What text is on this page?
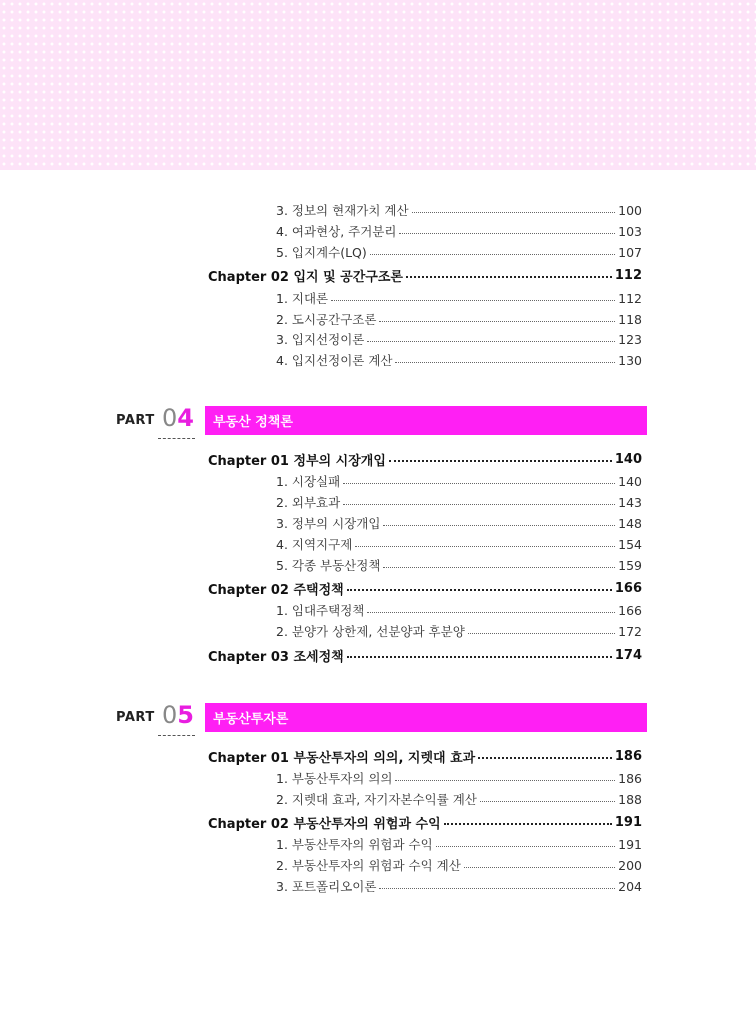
3. 정보의 현재가치 계산	100
4. 여과현상, 주거분리	103
5. 입지계수(LQ)	107
Chapter 02 입지 및 공간구조론	112
1. 지대론	112
2. 도시공간구조론	118
3. 입지선정이론	123
4. 입지선정이론 계산	130
PART 04	부동산 정책론
Chapter 01 정부의 시장개입	140
1. 시장실패	140
2. 외부효과	143
3. 정부의 시장개입	148
4. 지역지구제	154
5. 각종 부동산정책	159
Chapter 02 주택정책	166
1. 임대주택정책	166
2. 분양가 상한제, 선분양과 후분양	172
Chapter 03 조세정책	174
PART 05	부동산투자론
Chapter 01 부동산투자의 의의, 지렛대 효과	186
1. 부동산투자의 의의	186
2. 지렛대 효과, 자기자본수익률 계산	188
Chapter 02 부동산투자의 위험과 수익	191
1. 부동산투자의 위험과 수익	191
2. 부동산투자의 위험과 수익 계산	200
3. 포트폴리오이론	204
